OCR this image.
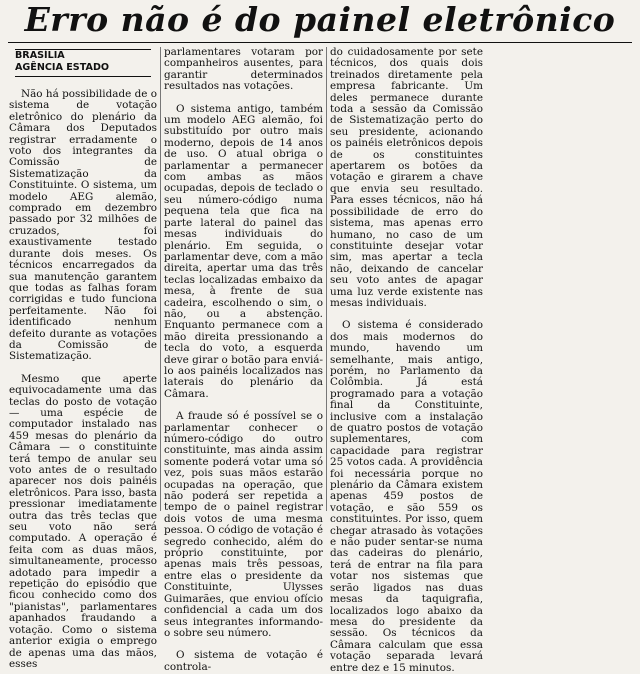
Erro não é do painel eletrônico
BRASÍLIA
AGÊNCIA ESTADO

Não há possibilidade de o sistema de votação eletrônico do plenário da Câmara dos Deputados registrar erradamente o voto dos integrantes da Comissão de Sistematização da Constituinte. O sistema, um modelo AEG alemão, comprado em dezembro passado por 32 milhões de cruzados, foi exaustivamente testado durante dois meses. Os técnicos encarregados da sua manutenção garantem que todas as falhas foram corrigidas e tudo funciona perfeitamente. Não foi identificado nenhum defeito durante as votações da Comissão de Sistematização.

Mesmo que aperte equivocadamente uma das teclas do posto de votação — uma espécie de computador instalado nas 459 mesas do plenário da Câmara — o constituinte terá tempo de anular seu voto antes de o resultado aparecer nos dois painéis eletrônicos. Para isso, basta pressionar imediatamente outra das três teclas que seu voto não será computado. A operação é feita com as duas mãos, simultaneamente, processo adotado para impedir a repetição do episódio que ficou conhecido como dos "pianistas", parlamentares apanhados fraudando a votação. Como o sistema anterior exigia o emprego de apenas uma das mãos, esses

parlamentares votaram por companheiros ausentes, para garantir determinados resultados nas votações.

O sistema antigo, também um modelo AEG alemão, foi substituído por outro mais moderno, depois de 14 anos de uso. O atual obriga o parlamentar a permanecer com ambas as mãos ocupadas, depois de teclado o seu número-código numa pequena tela que fica na parte lateral do painel das mesas individuais do plenário. Em seguida, o parlamentar deve, com a mão direita, apertar uma das três teclas localizadas embaixo da mesa, à frente de sua cadeira, escolhendo o sim, o não, ou a abstenção. Enquanto permanece com a mão direita pressionando a tecla do voto, a esquerda deve girar o botão para enviá-lo aos painéis localizados nas laterais do plenário da Câmara.

A fraude só é possível se o parlamentar conhecer o número-código do outro constituinte, mas ainda assim somente poderá votar uma só vez, pois suas mãos estarão ocupadas na operação, que não poderá ser repetida a tempo de o painel registrar dois votos de uma mesma pessoa. O código de votação é segredo conhecido, além do próprio constituinte, por apenas mais três pessoas, entre elas o presidente da Constituinte, Ulysses Guimarães, que enviou ofício confidencial a cada um dos seus integrantes informando-o sobre seu número.

O sistema de votação é controla-

do cuidadosamente por sete técnicos, dos quais dois treinados diretamente pela empresa fabricante. Um deles permanece durante toda a sessão da Comissão de Sistematização perto do seu presidente, acionando os painéis eletrônicos depois de os constituintes apertarem os botões da votação e girarem a chave que envia seu resultado. Para esses técnicos, não há possibilidade de erro do sistema, mas apenas erro humano, no caso de um constituinte desejar votar sim, mas apertar a tecla não, deixando de cancelar seu voto antes de apagar uma luz verde existente nas mesas individuais.

O sistema é considerado dos mais modernos do mundo, havendo um semelhante, mais antigo, porém, no Parlamento da Colômbia. Já está programado para a votação final da Constituinte, inclusive com a instalação de quatro postos de votação suplementares, com capacidade para registrar 25 votos cada. A providência foi necessária porque no plenário da Câmara existem apenas 459 postos de votação, e são 559 os constituintes. Por isso, quem chegar atrasado às votações e não puder sentar-se numa das cadeiras do plenário, terá de entrar na fila para votar nos sistemas que serão ligados nas duas mesas da taquigrafia, localizados logo abaixo da mesa do presidente da sessão. Os técnicos da Câmara calculam que essa votação separada levará entre dez e 15 minutos.
